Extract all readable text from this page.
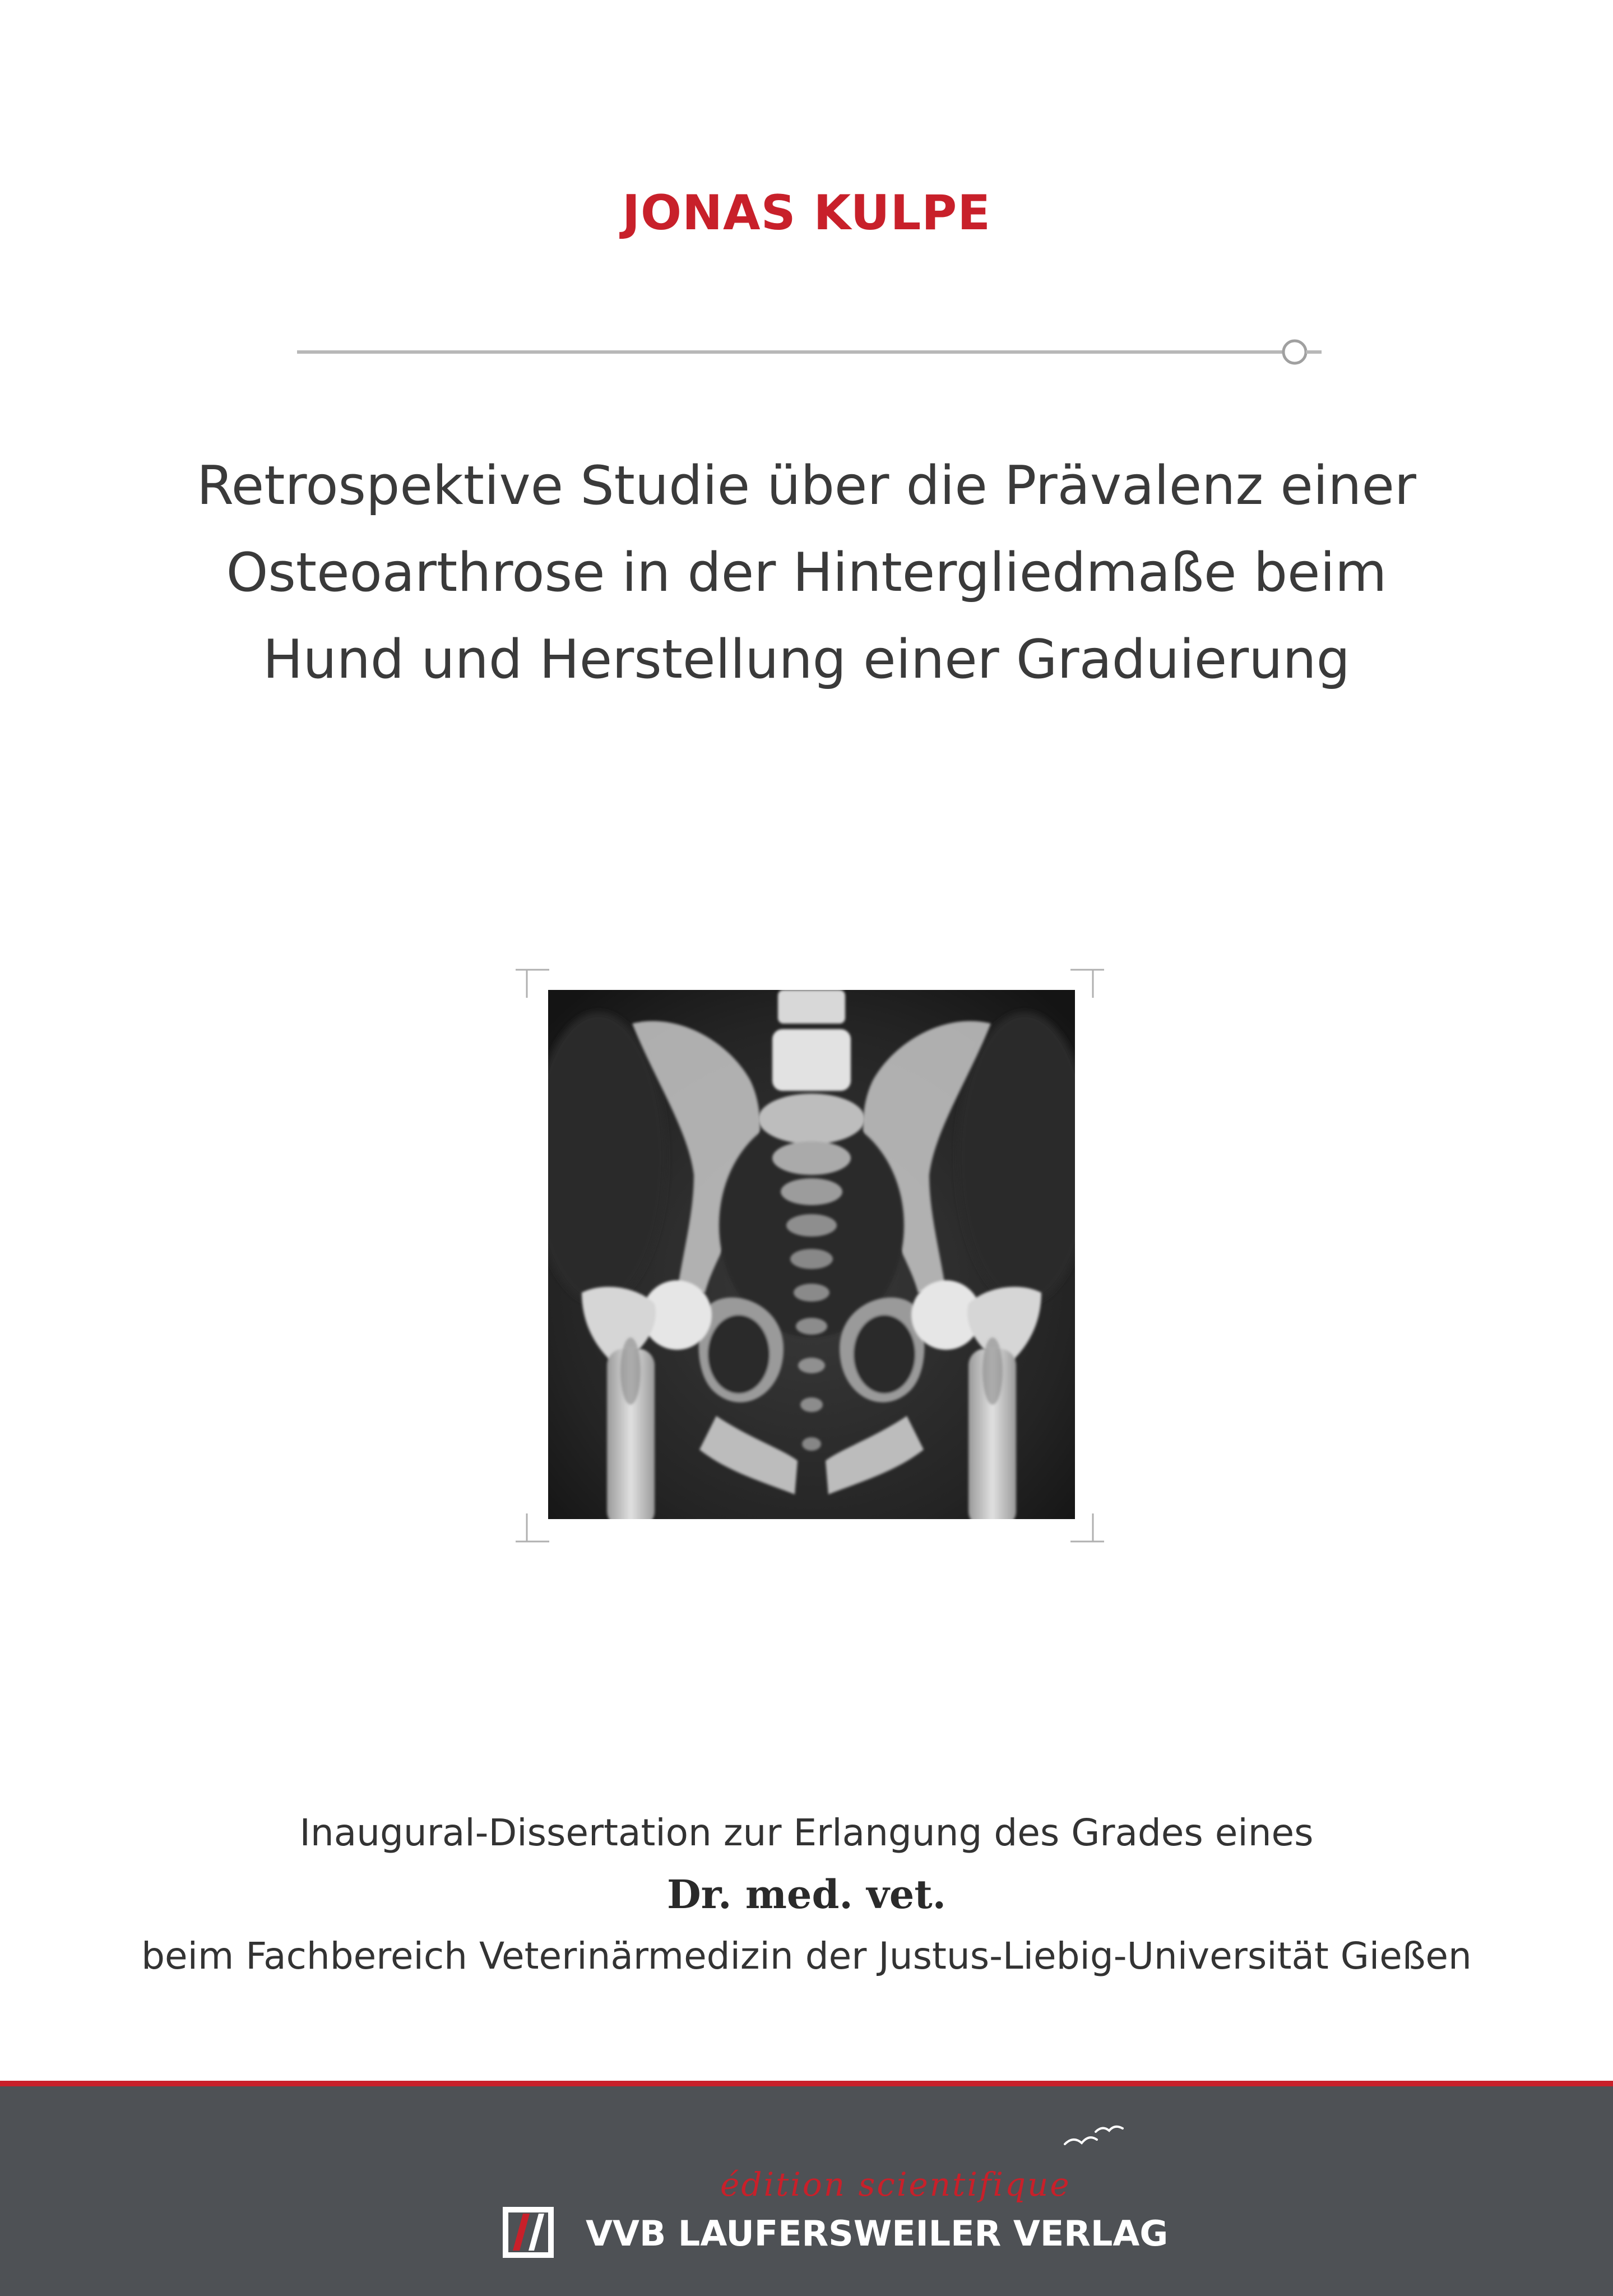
JONAS KULPE
Retrospektive Studie über die Prävalenz einer
Osteoarthrose in der Hintergliedmaße beim
Hund und Herstellung einer Graduierung
Inaugural-Dissertation zur Erlangung des Grades eines
Dr. med. vet.
beim Fachbereich Veterinärmedizin der Justus-Liebig-Universität Gießen
édition scientifique
VVB LAUFERSWEILER VERLAG
